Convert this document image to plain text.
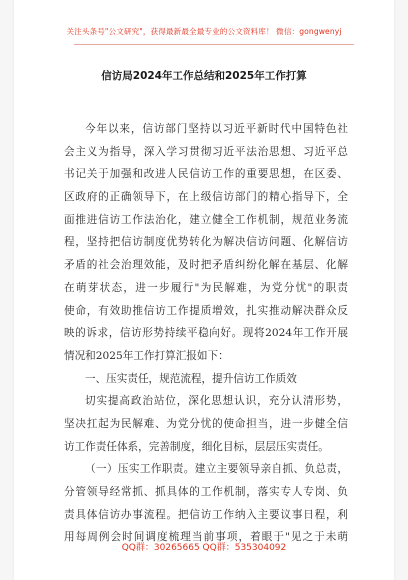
关注头条号"公文研究"，获得最新最全最专业的公文资料库！ 微信：gongwenyj
信访局2024年工作总结和2025年工作打算
今年以来，信访部门坚持以习近平新时代中国特色社
会主义为指导，深入学习贯彻习近平法治思想、习近平总
书记关于加强和改进人民信访工作的重要思想，在区委、
区政府的正确领导下，在上级信访部门的精心指导下，全
面推进信访工作法治化，建立健全工作机制，规范业务流
程，坚持把信访制度优势转化为解决信访问题、化解信访
矛盾的社会治理效能，及时把矛盾纠纷化解在基层、化解
在萌芽状态，进一步履行"为民解难，为党分忧"的职责
使命，有效助推信访工作提质增效，扎实推动解决群众反
映的诉求，信访形势持续平稳向好。现将2024年工作开展
情况和2025年工作打算汇报如下：
一、压实责任，规范流程，提升信访工作质效
切实提高政治站位，深化思想认识，充分认清形势，
坚决扛起为民解难、为党分忧的使命担当，进一步健全信
访工作责任体系，完善制度，细化目标，层层压实责任。
（一）压实工作职责。建立主要领导亲自抓、负总责，
分管领导经常抓、抓具体的工作机制，落实专人专岗、负
责具体信访办事流程。把信访工作纳入主要议事日程，利
用每周例会时间调度梳理当前事项，着眼于"见之于未萌
QQ群：30265665 QQ群：535304092
